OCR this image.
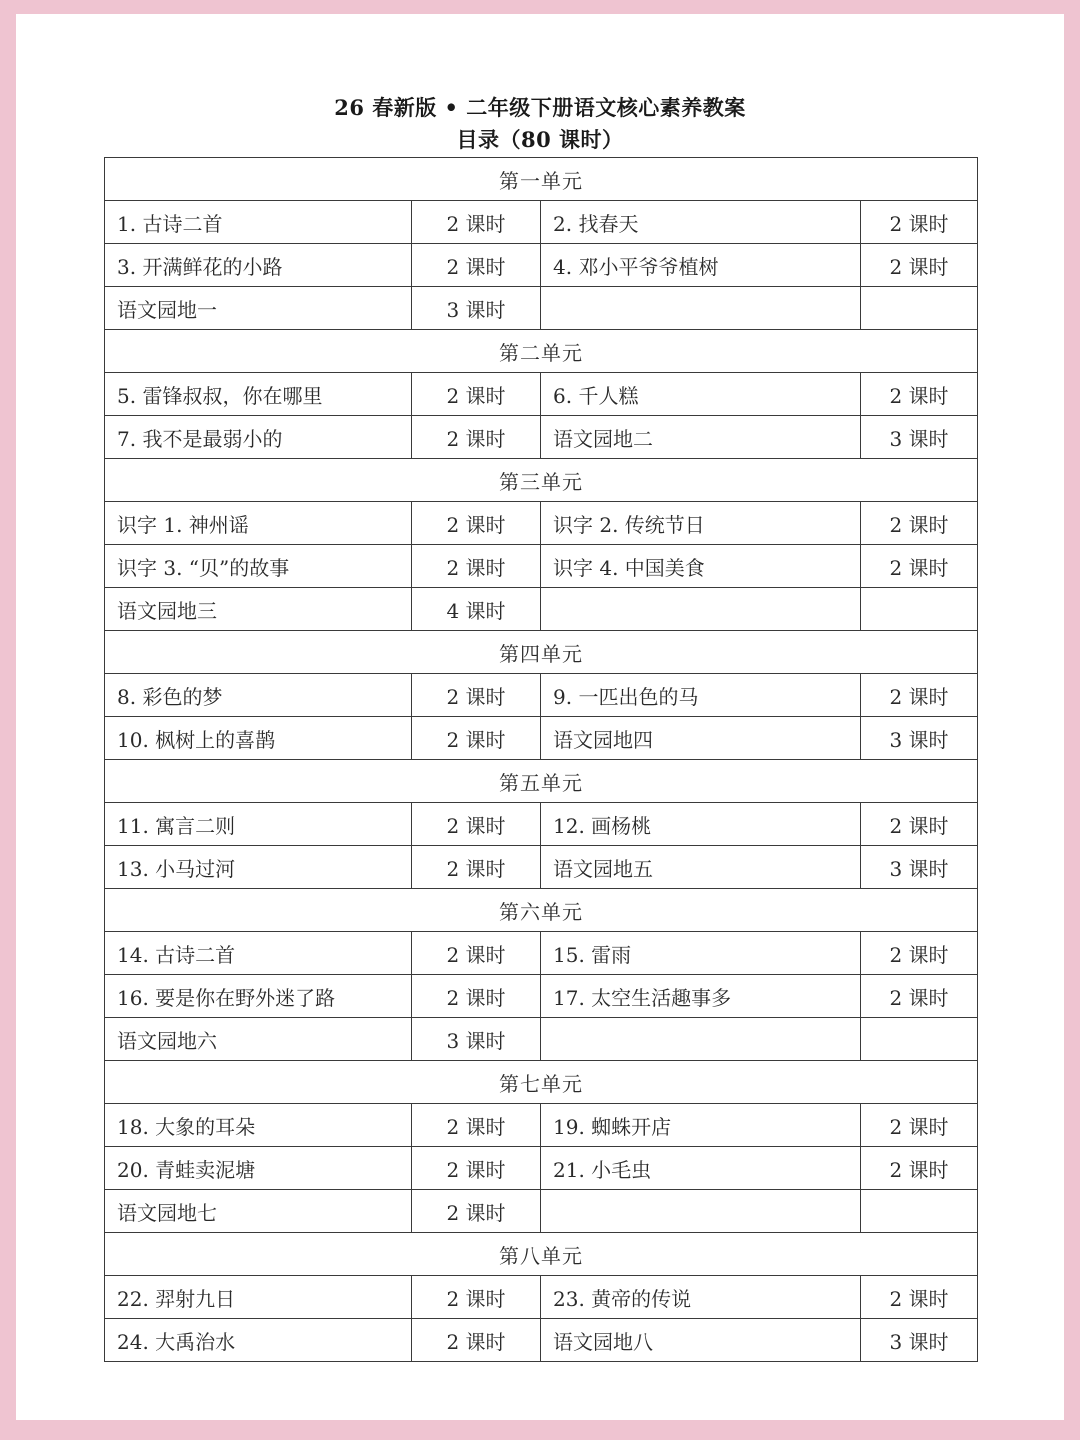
26 春新版 • 二年级下册语文核心素养教案
目录（80 课时）
第一单元			
1. 古诗二首	2 课时	2. 找春天	2 课时
3. 开满鲜花的小路	2 课时	4. 邓小平爷爷植树	2 课时
语文园地一	3 课时		
第二单元			
5. 雷锋叔叔，你在哪里	2 课时	6. 千人糕	2 课时
7. 我不是最弱小的	2 课时	语文园地二	3 课时
第三单元			
识字 1. 神州谣	2 课时	识字 2. 传统节日	2 课时
识字 3. “贝”的故事	2 课时	识字 4. 中国美食	2 课时
语文园地三	4 课时		
第四单元			
8. 彩色的梦	2 课时	9. 一匹出色的马	2 课时
10. 枫树上的喜鹊	2 课时	语文园地四	3 课时
第五单元			
11. 寓言二则	2 课时	12. 画杨桃	2 课时
13. 小马过河	2 课时	语文园地五	3 课时
第六单元			
14. 古诗二首	2 课时	15. 雷雨	2 课时
16. 要是你在野外迷了路	2 课时	17. 太空生活趣事多	2 课时
语文园地六	3 课时		
第七单元			
18. 大象的耳朵	2 课时	19. 蜘蛛开店	2 课时
20. 青蛙卖泥塘	2 课时	21. 小毛虫	2 课时
语文园地七	2 课时		
第八单元			
22. 羿射九日	2 课时	23. 黄帝的传说	2 课时
24. 大禹治水	2 课时	语文园地八	3 课时
